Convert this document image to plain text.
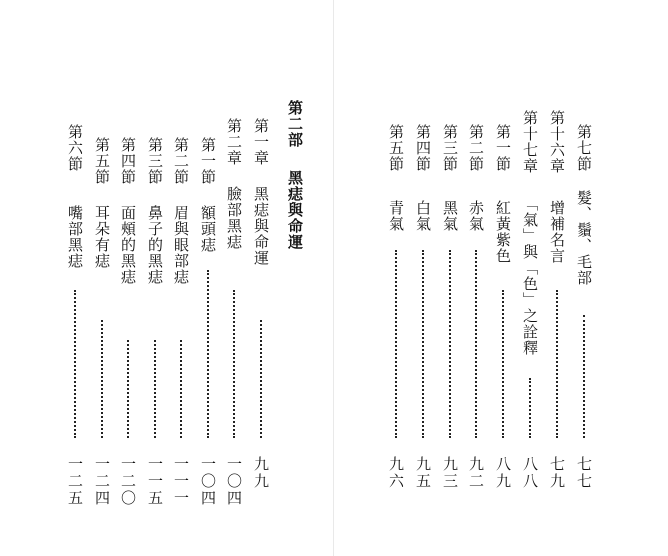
第二部
黑痣與命運
第一章
黑痣與命運
九九
第二章
臉部黑痣
一〇四
第一節
額頭痣
一〇四
第二節
眉與眼部痣
一一一
第三節
鼻子的黑痣
一一五
第四節
面頰的黑痣
一二〇
第五節
耳朵有痣
一二四
第六節
嘴部黑痣
一二五
第七節
髮、鬚、毛部
七七
第十六章
增補名言
七九
第十七章
「氣」與「色」之詮釋
八八
第一節
紅黃紫色
八九
第二節
赤氣
九二
第三節
黑氣
九三
第四節
白氣
九五
第五節
青氣
九六
